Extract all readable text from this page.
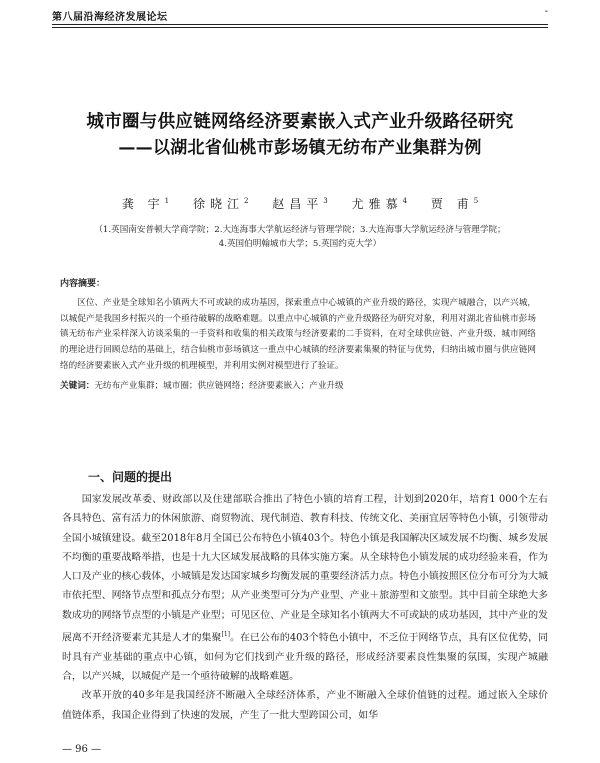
第八届沿海经济发展论坛
-
城市圈与供应链网络经济要素嵌入式产业升级路径研究
——以湖北省仙桃市彭场镇无纺布产业集群为例
龚 宇$^1$ 徐晓江$^2$ 赵昌平$^3$ 尤雅慕$^4$ 贾 甫$^5$
（1.英国南安普顿大学商学院；2.大连海事大学航运经济与管理学院；3.大连海事大学航运经济与管理学院；
4.英国伯明翰城市大学；5.英国约克大学）
内容摘要：

区位、产业是全球知名小镇两大不可或缺的成功基因，探索重点中心城镇的产业升级的路径，实现产城融合，以产兴城，以城促产是我国乡村振兴的一个亟待破解的战略难题。以重点中心城镇的产业升级路径为研究对象，利用对湖北省仙桃市彭场镇无纺布产业采样深入访谈采集的一手资料和收集的相关政策与经济要素的二手资料，在对全球供应链、产业升级、城市网络的理论进行回顾总结的基础上，结合仙桃市彭场镇这一重点中心城镇的经济要素集聚的特征与优势，归纳出城市圈与供应链网络的经济要素嵌入式产业升级的机理模型，并利用实例对模型进行了验证。

关键词：无纺布产业集群；城市圈；供应链网络；经济要素嵌入；产业升级
一、问题的提出

国家发展改革委、财政部以及住建部联合推出了特色小镇的培育工程，计划到2020年，培育1 000个左右各具特色、富有活力的休闲旅游、商贸物流、现代制造、教育科技、传统文化、美丽宜居等特色小镇，引领带动全国小城镇建设。截至2018年8月全国已公布特色小镇403个。特色小镇是我国解决区域发展不均衡、城乡发展不均衡的重要战略举措，也是十九大区域发展战略的具体实施方案。从全球特色小镇发展的成功经验来看，作为人口及产业的核心载体，小城镇是发达国家城乡均衡发展的重要经济活力点。特色小镇按照区位分布可分为大城市依托型、网络节点型和孤点分布型；从产业类型可分为产业型、产业＋旅游型和文旅型。其中目前全球绝大多数成功的网络节点型的小镇是产业型；可见区位、产业是全球知名小镇两大不可或缺的成功基因，其中产业的发展离不开经济要素尤其是人才的集聚[1]。在已公布的403个特色小镇中，不乏位于网络节点，具有区位优势，同时具有产业基础的重点中心镇，如何为它们找到产业升级的路径，形成经济要素良性集聚的氛围，实现产城融合，以产兴城，以城促产是一个亟待破解的战略难题。

改革开放的40多年是我国经济不断融入全球经济体系，产业不断融入全球价值链的过程。通过嵌入全球价值链体系，我国企业得到了快速的发展，产生了一批大型跨国公司，如华

— 96 —
